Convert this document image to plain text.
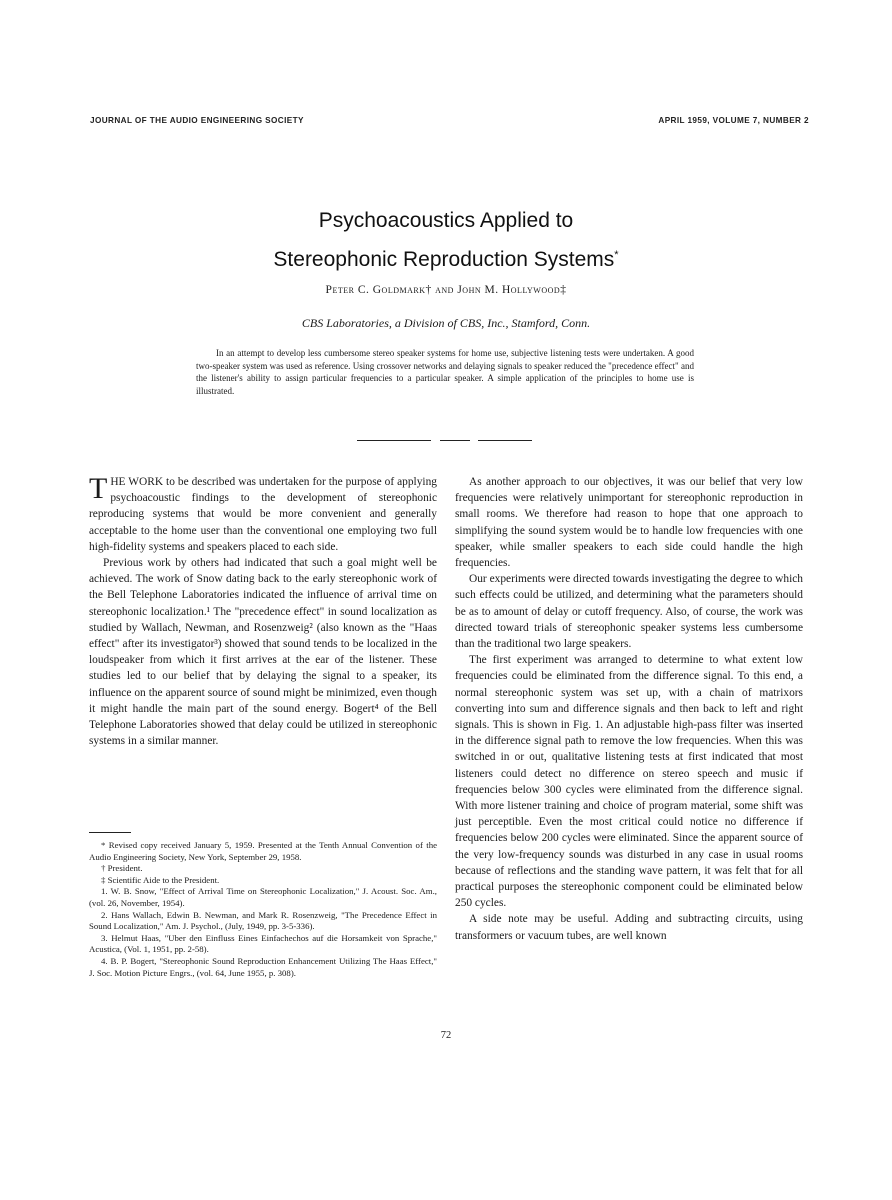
JOURNAL OF THE AUDIO ENGINEERING SOCIETY	APRIL 1959, VOLUME 7, NUMBER 2
Psychoacoustics Applied to
Stereophonic Reproduction Systems*
Peter C. Goldmark† and John M. Hollywood‡
CBS Laboratories, a Division of CBS, Inc., Stamford, Conn.
In an attempt to develop less cumbersome stereo speaker systems for home use, subjective listening tests were undertaken. A good two-speaker system was used as reference. Using crossover networks and delaying signals to speaker reduced the "precedence effect" and the listener's ability to assign particular frequencies to a particular speaker. A simple application of the principles to home use is illustrated.

THE WORK to be described was undertaken for the purpose of applying psychoacoustic findings to the development of stereophonic reproducing systems that would be more convenient and generally acceptable to the home user than the conventional one employing two full high-fidelity systems and speakers placed to each side.

Previous work by others had indicated that such a goal might well be achieved. The work of Snow dating back to the early stereophonic work of the Bell Telephone Laboratories indicated the influence of arrival time on stereophonic localization.¹ The "precedence effect" in sound localization as studied by Wallach, Newman, and Rosenzweig² (also known as the "Haas effect" after its investigator³) showed that sound tends to be localized in the loudspeaker from which it first arrives at the ear of the listener. These studies led to our belief that by delaying the signal to a speaker, its influence on the apparent source of sound might be minimized, even though it might handle the main part of the sound energy. Bogert⁴ of the Bell Telephone Laboratories showed that delay could be utilized in stereophonic systems in a similar manner.

* Revised copy received January 5, 1959. Presented at the Tenth Annual Convention of the Audio Engineering Society, New York, September 29, 1958.

† President.

‡ Scientific Aide to the President.

1. W. B. Snow, "Effect of Arrival Time on Stereophonic Localization," J. Acoust. Soc. Am., (vol. 26, November, 1954).

2. Hans Wallach, Edwin B. Newman, and Mark R. Rosenzweig, "The Precedence Effect in Sound Localization," Am. J. Psychol., (July, 1949, pp. 3-5-336).

3. Helmut Haas, "Uber den Einfluss Eines Einfachechos auf die Horsamkeit von Sprache," Acustica, (Vol. 1, 1951, pp. 2-58).

4. B. P. Bogert, "Stereophonic Sound Reproduction Enhancement Utilizing The Haas Effect," J. Soc. Motion Picture Engrs., (vol. 64, June 1955, p. 308).

As another approach to our objectives, it was our belief that very low frequencies were relatively unimportant for stereophonic reproduction in small rooms. We therefore had reason to hope that one approach to simplifying the sound system would be to handle low frequencies with one speaker, while smaller speakers to each side could handle the high frequencies.

Our experiments were directed towards investigating the degree to which such effects could be utilized, and determining what the parameters should be as to amount of delay or cutoff frequency. Also, of course, the work was directed toward trials of stereophonic speaker systems less cumbersome than the traditional two large speakers.

The first experiment was arranged to determine to what extent low frequencies could be eliminated from the difference signal. To this end, a normal stereophonic system was set up, with a chain of matrixors converting into sum and difference signals and then back to left and right signals. This is shown in Fig. 1. An adjustable high-pass filter was inserted in the difference signal path to remove the low frequencies. When this was switched in or out, qualitative listening tests at first indicated that most listeners could detect no difference on stereo speech and music if frequencies below 300 cycles were eliminated from the difference signal. With more listener training and choice of program material, some shift was just perceptible. Even the most critical could notice no difference if frequencies below 200 cycles were eliminated. Since the apparent source of the very low-frequency sounds was disturbed in any case in usual rooms because of reflections and the standing wave pattern, it was felt that for all practical purposes the stereophonic component could be eliminated below 250 cycles.

A side note may be useful. Adding and subtracting circuits, using transformers or vacuum tubes, are well known

72
